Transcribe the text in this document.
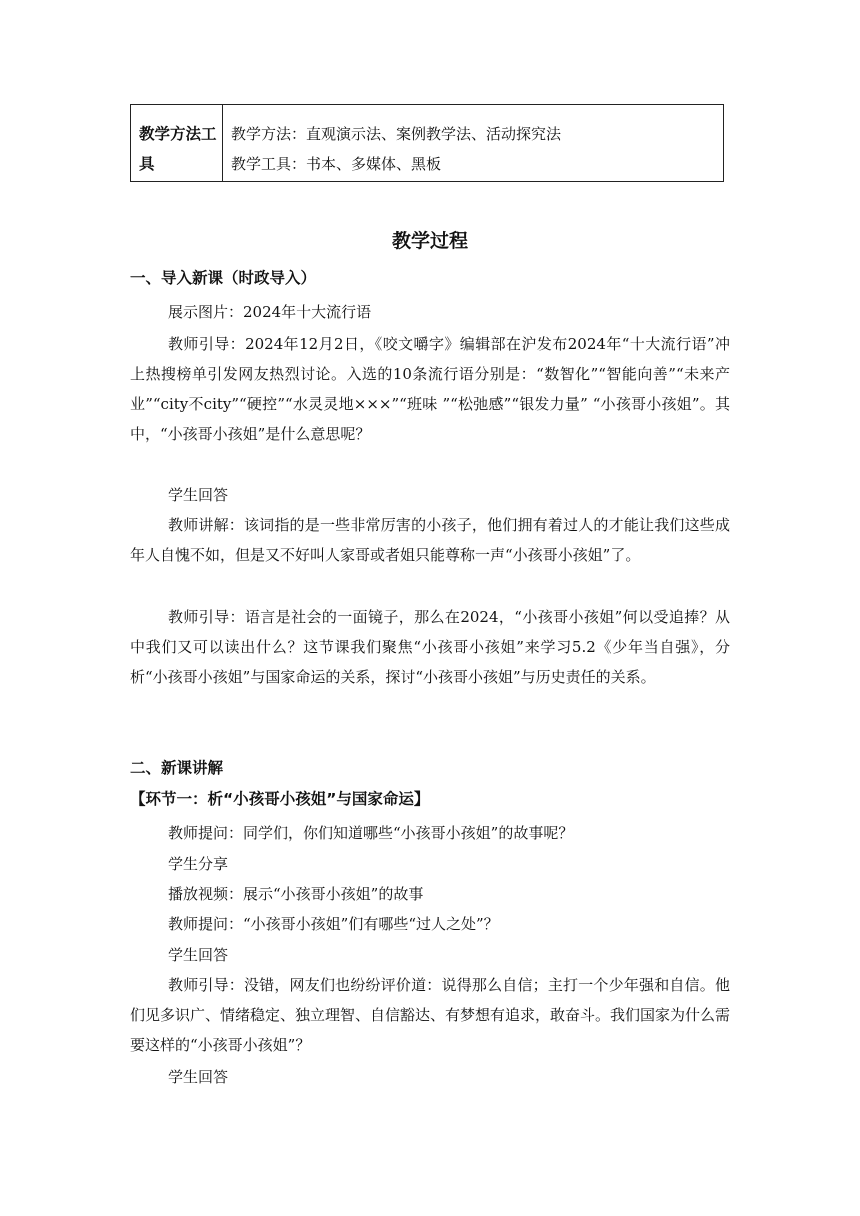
教学方法工具
教学方法：直观演示法、案例教学法、活动探究法
教学工具：书本、多媒体、黑板
教学过程
一、导入新课（时政导入）
展示图片：2024年十大流行语
教师引导：2024年12月2日，《咬文嚼字》编辑部在沪发布2024年“十大流行语”冲上热搜榜单引发网友热烈讨论。入选的10条流行语分别是：“数智化”“智能向善”“未来产业”“city不city”“硬控”“水灵灵地×××”“班味 ”“松弛感”“银发力量” “小孩哥小孩姐”。其中，“小孩哥小孩姐”是什么意思呢？
学生回答
教师讲解：该词指的是一些非常厉害的小孩子，他们拥有着过人的才能让我们这些成年人自愧不如，但是又不好叫人家哥或者姐只能尊称一声“小孩哥小孩姐”了。
教师引导：语言是社会的一面镜子，那么在2024，“小孩哥小孩姐”何以受追捧？从中我们又可以读出什么？这节课我们聚焦“小孩哥小孩姐”来学习5.2《少年当自强》，分析“小孩哥小孩姐”与国家命运的关系，探讨“小孩哥小孩姐”与历史责任的关系。
二、新课讲解
【环节一：析“小孩哥小孩姐”与国家命运】
教师提问：同学们，你们知道哪些“小孩哥小孩姐”的故事呢？
学生分享
播放视频：展示“小孩哥小孩姐”的故事
教师提问：“小孩哥小孩姐”们有哪些“过人之处”？
学生回答
教师引导：没错，网友们也纷纷评价道：说得那么自信；主打一个少年强和自信。他们见多识广、情绪稳定、独立理智、自信豁达、有梦想有追求，敢奋斗。我们国家为什么需要这样的“小孩哥小孩姐”？
学生回答
